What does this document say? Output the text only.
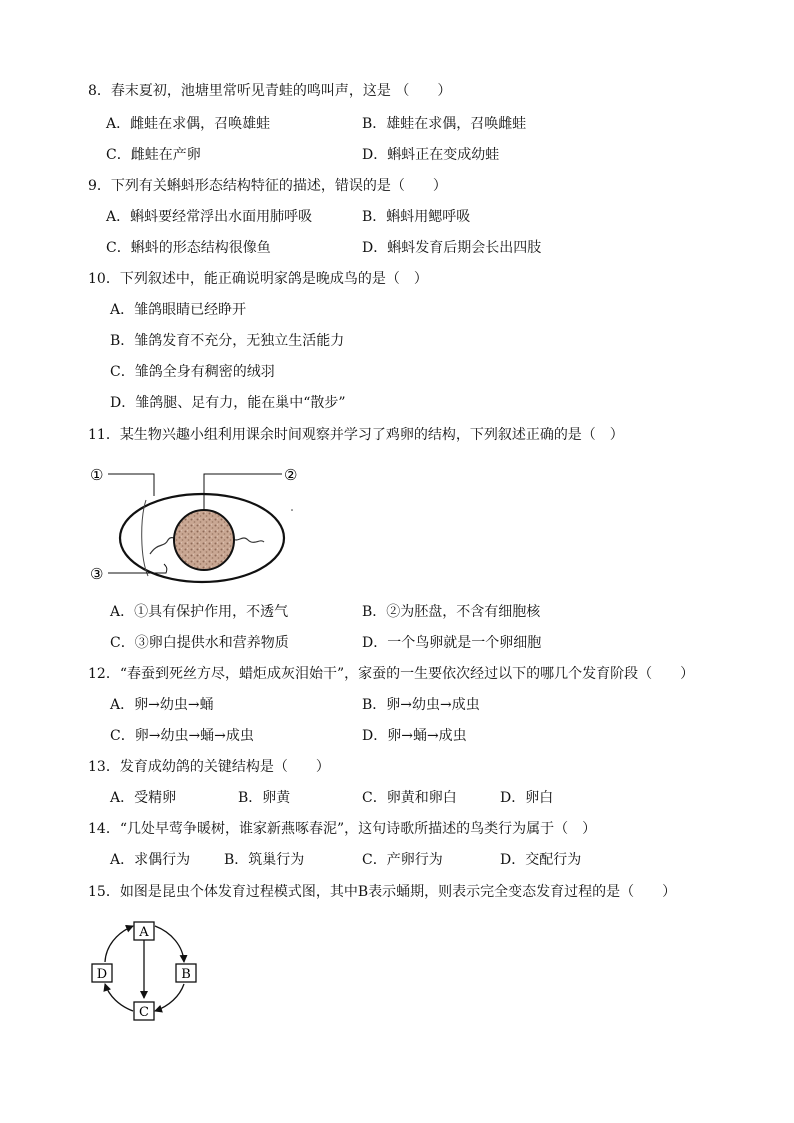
8．春末夏初，池塘里常听见青蛙的鸣叫声，这是 （　　）
A．雌蛙在求偶，召唤雄蛙	B．雄蛙在求偶，召唤雌蛙
C．雌蛙在产卵	D．蝌蚪正在变成幼蛙
9．下列有关蝌蚪形态结构特征的描述，错误的是（　　）
A．蝌蚪要经常浮出水面用肺呼吸	B．蝌蚪用鳃呼吸
C．蝌蚪的形态结构很像鱼	D．蝌蚪发育后期会长出四肢
10．下列叙述中，能正确说明家鸽是晚成鸟的是（　）
A．雏鸽眼睛已经睁开
B．雏鸽发育不充分，无独立生活能力
C．雏鸽全身有稠密的绒羽
D．雏鸽腿、足有力，能在巢中“散步”
11．某生物兴趣小组利用课余时间观察并学习了鸡卵的结构，下列叙述正确的是（　）
①	②
③
A．①具有保护作用，不透气	B．②为胚盘，不含有细胞核
C．③卵白提供水和营养物质	D．一个鸟卵就是一个卵细胞
12．“春蚕到死丝方尽，蜡炬成灰泪始干”，家蚕的一生要依次经过以下的哪几个发育阶段（　　）
A．卵→幼虫→蛹	B．卵→幼虫→成虫
C．卵→幼虫→蛹→成虫	D．卵→蛹→成虫
13．发育成幼鸽的关键结构是（　　）
A．受精卵	B．卵黄	C．卵黄和卵白	D．卵白
14．“几处早莺争暖树，谁家新燕啄春泥”，这句诗歌所描述的鸟类行为属于（　）
A．求偶行为 B．筑巢行为	C．产卵行为	D．交配行为
15．如图是昆虫个体发育过程模式图，其中B表示蛹期，则表示完全变态发育过程的是（　　）
A
B
C
D
